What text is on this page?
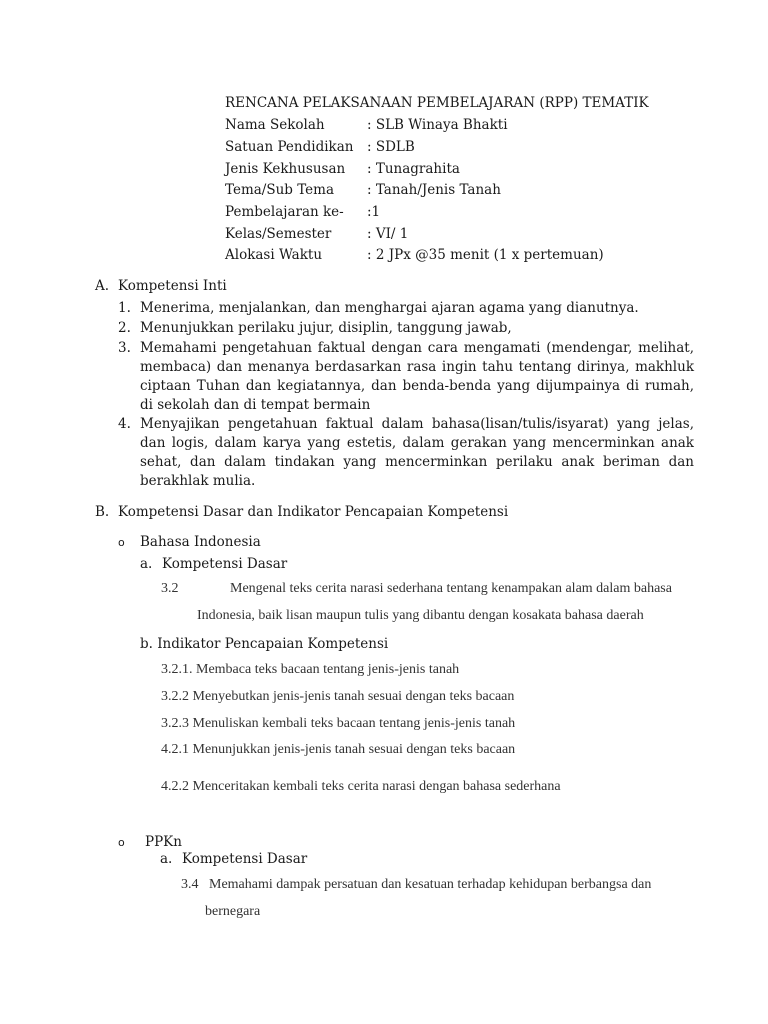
RENCANA PELAKSANAAN PEMBELAJARAN (RPP) TEMATIK
Nama Sekolah	: SLB Winaya Bhakti
Satuan Pendidikan : SDLB
Jenis Kekhususan : Tunagrahita
Tema/Sub Tema : Tanah/Jenis Tanah
Pembelajaran ke- :1
Kelas/Semester	: VI/ 1
Alokasi Waktu	: 2 JPx @35 menit (1 x pertemuan)
A. Kompetensi Inti
1. Menerima, menjalankan, dan menghargai ajaran agama yang dianutnya.
2. Menunjukkan perilaku jujur, disiplin, tanggung jawab,
3. Memahami pengetahuan faktual dengan cara mengamati (mendengar, melihat, membaca) dan menanya berdasarkan rasa ingin tahu tentang dirinya, makhluk ciptaan Tuhan dan kegiatannya, dan benda-benda yang dijumpainya di rumah, di sekolah dan di tempat bermain
4. Menyajikan pengetahuan faktual dalam bahasa(lisan/tulis/isyarat) yang jelas, dan logis, dalam karya yang estetis, dalam gerakan yang mencerminkan anak sehat, dan dalam tindakan yang mencerminkan perilaku anak beriman dan berakhlak mulia.
B. Kompetensi Dasar dan Indikator Pencapaian Kompetensi
o Bahasa Indonesia
a. Kompetensi Dasar
3.2	Mengenal teks cerita narasi sederhana tentang kenampakan alam dalam bahasa
Indonesia, baik lisan maupun tulis yang dibantu dengan kosakata bahasa daerah
b. Indikator Pencapaian Kompetensi
3.2.1. Membaca teks bacaan tentang jenis-jenis tanah
3.2.2 Menyebutkan jenis-jenis tanah sesuai dengan teks bacaan
3.2.3 Menuliskan kembali teks bacaan tentang jenis-jenis tanah
4.2.1 Menunjukkan jenis-jenis tanah sesuai dengan teks bacaan
4.2.2 Menceritakan kembali teks cerita narasi dengan bahasa sederhana
o PPKn
a. Kompetensi Dasar
3.4 Memahami dampak persatuan dan kesatuan terhadap kehidupan berbangsa dan
bernegara
